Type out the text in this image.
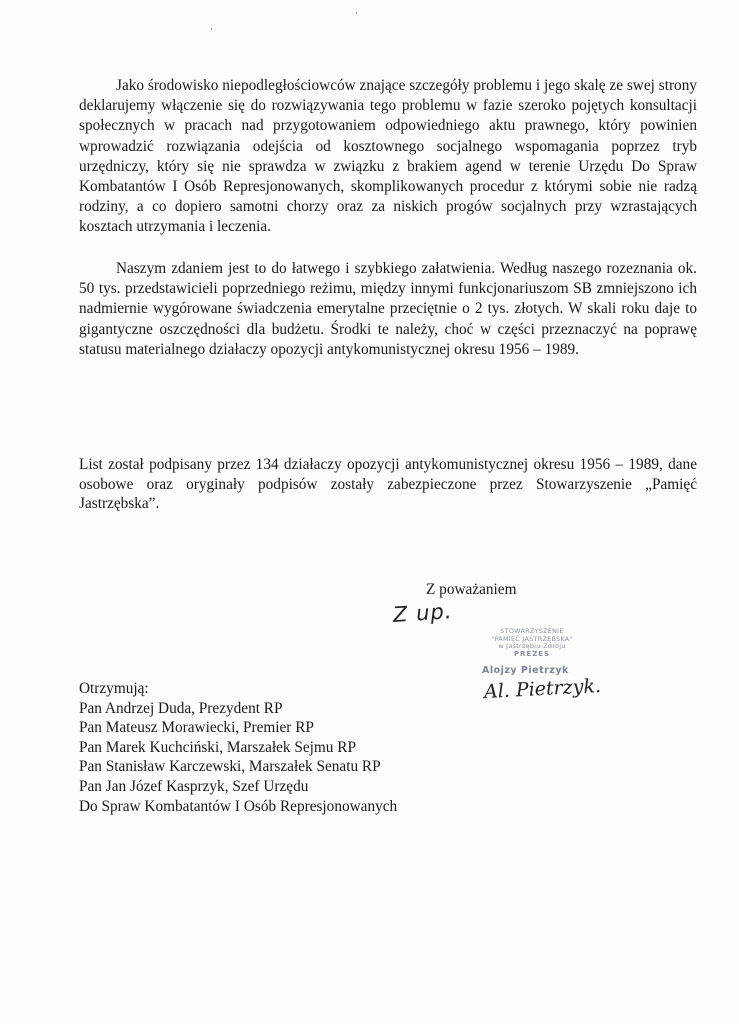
Jako środowisko niepodległościowców znające szczegóły problemu i jego skalę ze swej strony deklarujemy włączenie się do rozwiązywania tego problemu w fazie szeroko pojętych konsultacji społecznych w pracach nad przygotowaniem odpowiedniego aktu prawnego, który powinien wprowadzić rozwiązania odejścia od kosztownego socjalnego wspomagania poprzez tryb urzędniczy, który się nie sprawdza w związku z brakiem agend w terenie Urzędu Do Spraw Kombatantów I Osób Represjonowanych, skomplikowanych procedur z którymi sobie nie radzą rodziny, a co dopiero samotni chorzy oraz za niskich progów socjalnych przy wzrastających kosztach utrzymania i leczenia.

Naszym zdaniem jest to do łatwego i szybkiego załatwienia. Według naszego rozeznania ok. 50 tys. przedstawicieli poprzedniego reżimu, między innymi funkcjonariuszom SB zmniejszono ich nadmiernie wygórowane świadczenia emerytalne przeciętnie o 2 tys. złotych. W skali roku daje to gigantyczne oszczędności dla budżetu. Środki te należy, choć w części przeznaczyć na poprawę statusu materialnego działaczy opozycji antykomunistycznej okresu 1956 – 1989.

List został podpisany przez 134 działaczy opozycji antykomunistycznej okresu 1956 – 1989, dane osobowe oraz oryginały podpisów zostały zabezpieczone przez Stowarzyszenie „Pamięć Jastrzębska”.

Z poważaniem
Z up.
STOWARZYSZENIE
"PAMIĘĆ JASTRZĘBSKA"
w Jastrzębiu-Zdroju
PREZES
Alojzy Pietrzyk
Al. Pietrzyk.
Otrzymują:
Pan Andrzej Duda, Prezydent RP
Pan Mateusz Morawiecki, Premier RP
Pan Marek Kuchciński, Marszałek Sejmu RP
Pan Stanisław Karczewski, Marszałek Senatu RP
Pan Jan Józef Kasprzyk, Szef Urzędu
Do Spraw Kombatantów I Osób Represjonowanych
